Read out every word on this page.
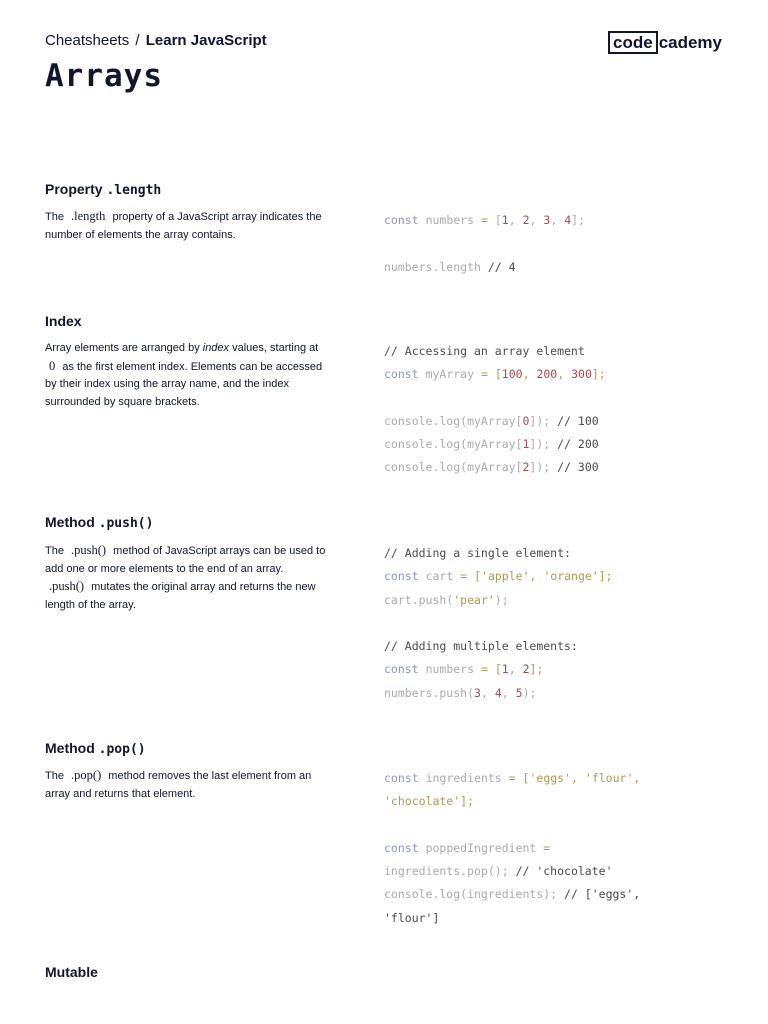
Cheatsheets / Learn JavaScript	code cademy
Arrays
Property .length

The .length property of a JavaScript array indicates the number of elements the array contains.

const numbers = [1, 2, 3, 4];

numbers.length // 4
Index

Array elements are arranged by index values, starting at
0 as the first element index. Elements can be accessed by their index using the array name, and the index surrounded by square brackets.

// Accessing an array element
const myArray = [100, 200, 300];

console.log(myArray[0]); // 100
console.log(myArray[1]); // 200
console.log(myArray[2]); // 300
Method .push()

The .push() method of JavaScript arrays can be used to add one or more elements to the end of an array.
.push() mutates the original array and returns the new length of the array.

// Adding a single element:
const cart = ['apple', 'orange'];
cart.push('pear');

// Adding multiple elements:
const numbers = [1, 2];
numbers.push(3, 4, 5);
Method .pop()

The .pop() method removes the last element from an array and returns that element.

const ingredients = ['eggs', 'flour',
'chocolate'];

const poppedIngredient =
ingredients.pop(); // 'chocolate'
console.log(ingredients); // ['eggs',
'flour']
Mutable
